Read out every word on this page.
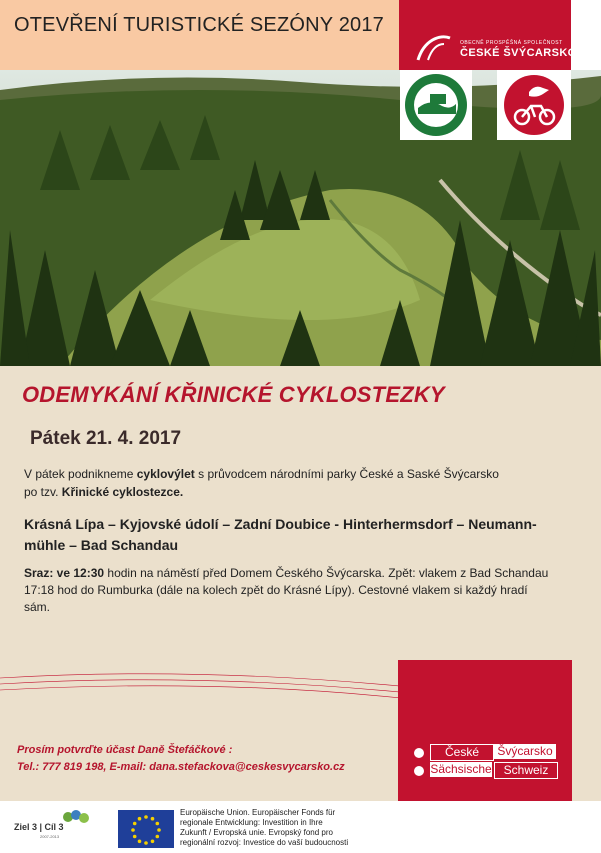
OTEVŘENÍ TURISTICKÉ SEZÓNY 2017
OBECNĚ PROSPĚŠNÁ SPOLEČNOST
ČESKÉ ŠVÝCARSKO
ODEMYKÁNÍ KŘINICKÉ CYKLOSTEZKY
Pátek 21. 4. 2017
V pátek podnikneme cyklovýlet s průvodcem národními parky České a Saské Švýcarsko
po tzv. Křinické cyklostezce.
Krásná Lípa – Kyjovské údolí – Zadní Doubice - Hinterhermsdorf – Neumann-
mühle – Bad Schandau
Sraz: ve 12:30 hodin na náměstí před Domem Českého Švýcarska. Zpět: vlakem z Bad Schandau
17:18 hod do Rumburka (dále na kolech zpět do Krásné Lípy). Cestovné vlakem si každý hradí
sám.
Prosím potvrďte účast Daně Štefáčkové :
Tel.: 777 819 198, E-mail: dana.stefackova@ceskesvycarsko.cz
České	Švýcarsko
Sächsische Schweiz
Ziel 3 | Cíl 3
2007-2013
Europäische Union. Europäischer Fonds für
regionale Entwicklung: Investition in Ihre
Zukunft / Evropská unie. Evropský fond pro
regionální rozvoj: Investice do vaší budoucnosti
